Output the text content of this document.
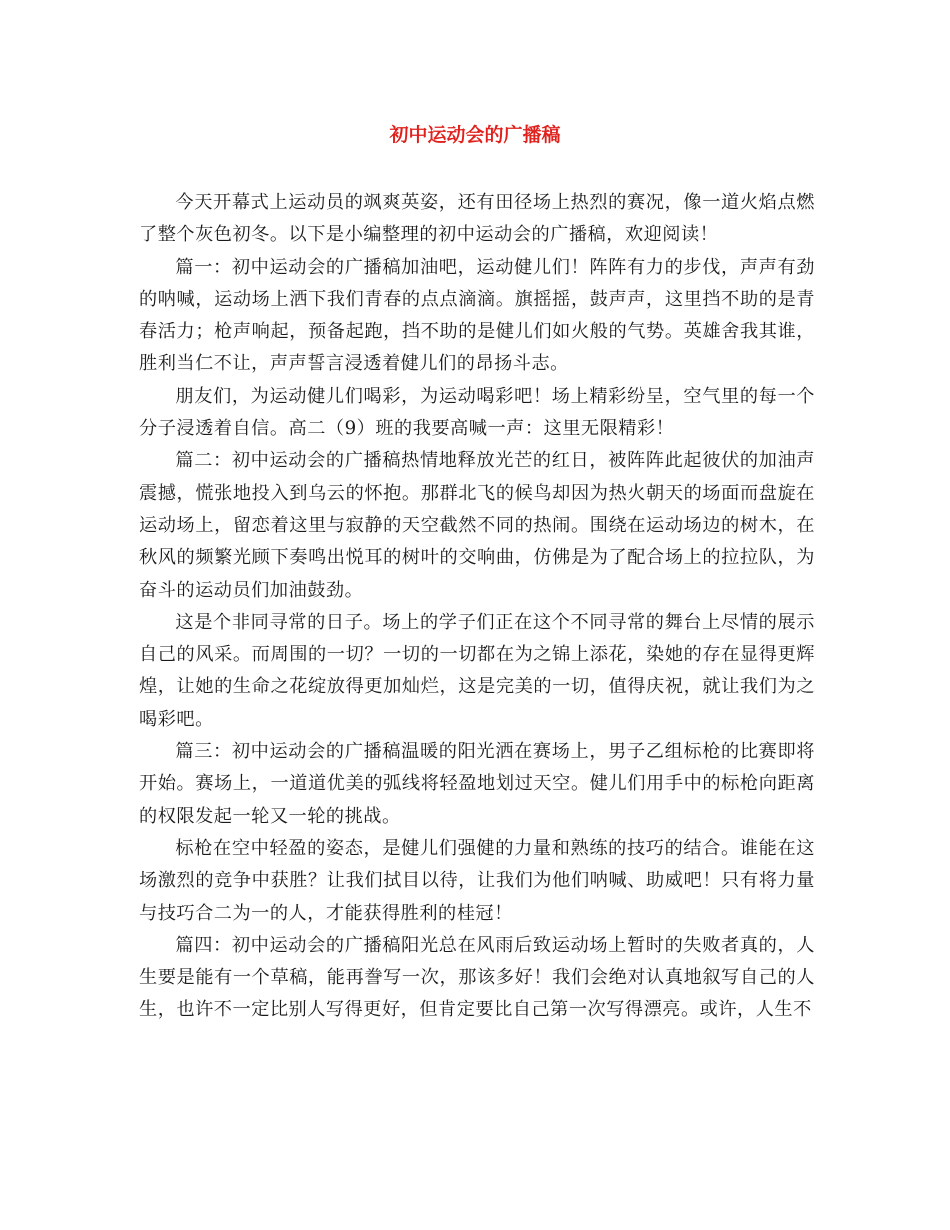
初中运动会的广播稿

今天开幕式上运动员的飒爽英姿，还有田径场上热烈的赛况，像一道火焰点燃了整个灰色初冬。以下是小编整理的初中运动会的广播稿，欢迎阅读！

篇一：初中运动会的广播稿加油吧，运动健儿们！阵阵有力的步伐，声声有劲的呐喊，运动场上洒下我们青春的点点滴滴。旗摇摇，鼓声声，这里挡不助的是青春活力；枪声响起，预备起跑，挡不助的是健儿们如火般的气势。英雄舍我其谁，胜利当仁不让，声声誓言浸透着健儿们的昂扬斗志。

朋友们，为运动健儿们喝彩，为运动喝彩吧！场上精彩纷呈，空气里的每一个分子浸透着自信。高二（9）班的我要高喊一声：这里无限精彩！

篇二：初中运动会的广播稿热情地释放光芒的红日，被阵阵此起彼伏的加油声震撼，慌张地投入到乌云的怀抱。那群北飞的候鸟却因为热火朝天的场面而盘旋在运动场上，留恋着这里与寂静的天空截然不同的热闹。围绕在运动场边的树木，在秋风的频繁光顾下奏鸣出悦耳的树叶的交响曲，仿佛是为了配合场上的拉拉队，为奋斗的运动员们加油鼓劲。

这是个非同寻常的日子。场上的学子们正在这个不同寻常的舞台上尽情的展示自己的风采。而周围的一切？一切的一切都在为之锦上添花，染她的存在显得更辉煌，让她的生命之花绽放得更加灿烂，这是完美的一切，值得庆祝，就让我们为之喝彩吧。

篇三：初中运动会的广播稿温暖的阳光洒在赛场上，男子乙组标枪的比赛即将开始。赛场上，一道道优美的弧线将轻盈地划过天空。健儿们用手中的标枪向距离的权限发起一轮又一轮的挑战。

标枪在空中轻盈的姿态，是健儿们强健的力量和熟练的技巧的结合。谁能在这场激烈的竞争中获胜？让我们拭目以待，让我们为他们呐喊、助威吧！只有将力量与技巧合二为一的人，才能获得胜利的桂冠！

篇四：初中运动会的广播稿阳光总在风雨后致运动场上暂时的失败者真的，人生要是能有一个草稿，能再誊写一次，那该多好！我们会绝对认真地叙写自己的人生，也许不一定比别人写得更好，但肯定要比自己第一次写得漂亮。或许，人生不
